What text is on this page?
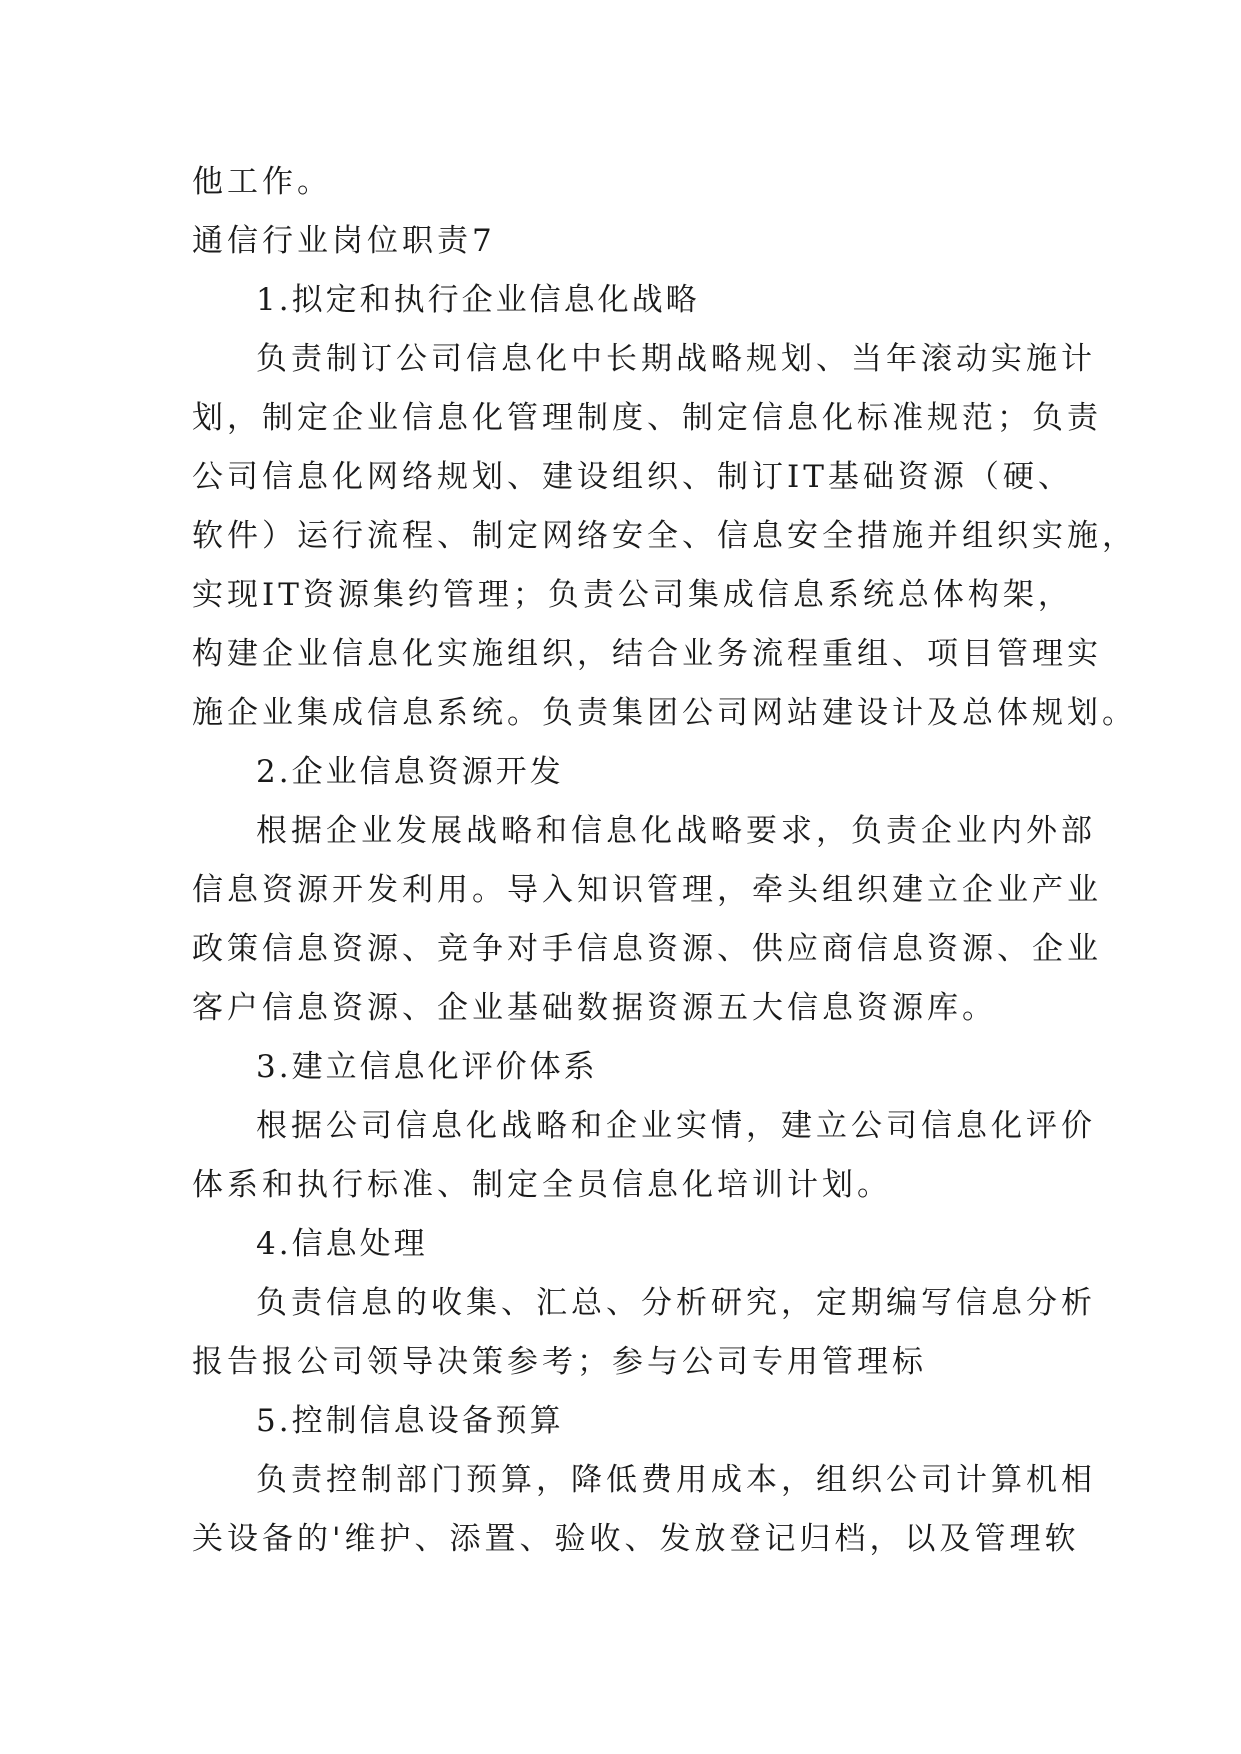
他工作。

通信行业岗位职责7

1.拟定和执行企业信息化战略

负责制订公司信息化中长期战略规划、当年滚动实施计

划，制定企业信息化管理制度、制定信息化标准规范；负责

公司信息化网络规划、建设组织、制订IT基础资源（硬、

软件）运行流程、制定网络安全、信息安全措施并组织实施，

实现IT资源集约管理；负责公司集成信息系统总体构架，

构建企业信息化实施组织，结合业务流程重组、项目管理实

施企业集成信息系统。负责集团公司网站建设计及总体规划。

2.企业信息资源开发

根据企业发展战略和信息化战略要求，负责企业内外部

信息资源开发利用。导入知识管理，牵头组织建立企业产业

政策信息资源、竞争对手信息资源、供应商信息资源、企业

客户信息资源、企业基础数据资源五大信息资源库。

3.建立信息化评价体系

根据公司信息化战略和企业实情，建立公司信息化评价

体系和执行标准、制定全员信息化培训计划。

4.信息处理

负责信息的收集、汇总、分析研究，定期编写信息分析

报告报公司领导决策参考；参与公司专用管理标

5.控制信息设备预算

负责控制部门预算，降低费用成本，组织公司计算机相

关设备的'维护、添置、验收、发放登记归档，以及管理软
